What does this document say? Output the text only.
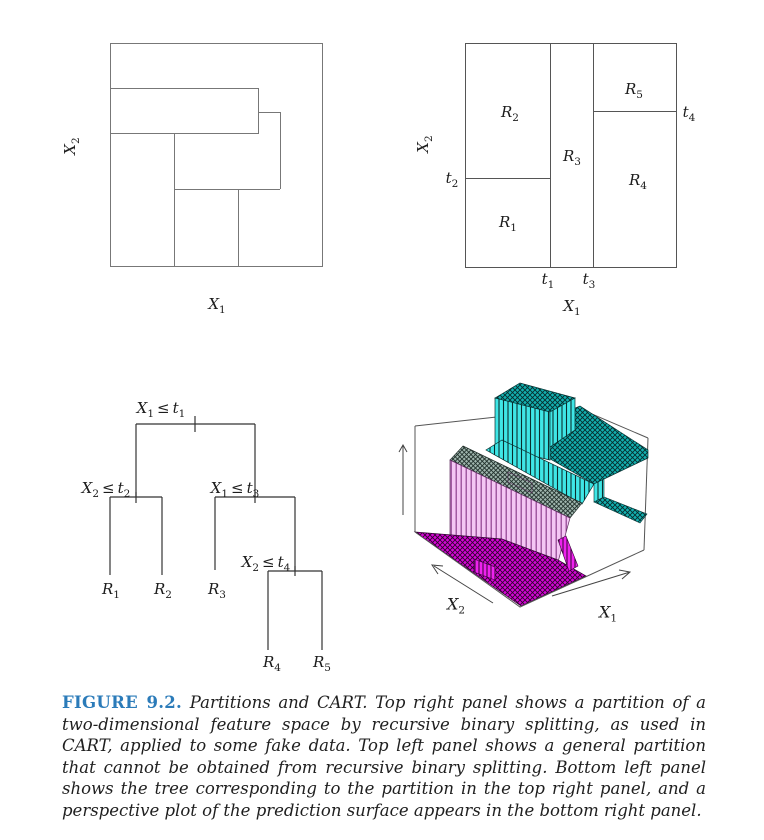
$X_2$
$X_1$
$R_1$
$R_2$
$R_3$
$R_4$
$R_5$
$t_2$
$t_4$
$t_1$ $t_3$
$X_2$
$X_1$
$X_1 \le t_1$
$X_2 \le t_2$	$X_1 \le t_3$
$X_2 \le t_4$
$R_1$ $R_2$ $R_3$
$R_4$ $R_5$
$X_2$	$X_1$
FIGURE 9.2. Partitions and CART. Top right panel shows a partition of a two-dimensional feature space by recursive binary splitting, as used in CART, applied to some fake data. Top left panel shows a general partition that cannot be obtained from recursive binary splitting. Bottom left panel shows the tree corresponding to the partition in the top right panel, and a perspective plot of the prediction surface appears in the bottom right panel.
